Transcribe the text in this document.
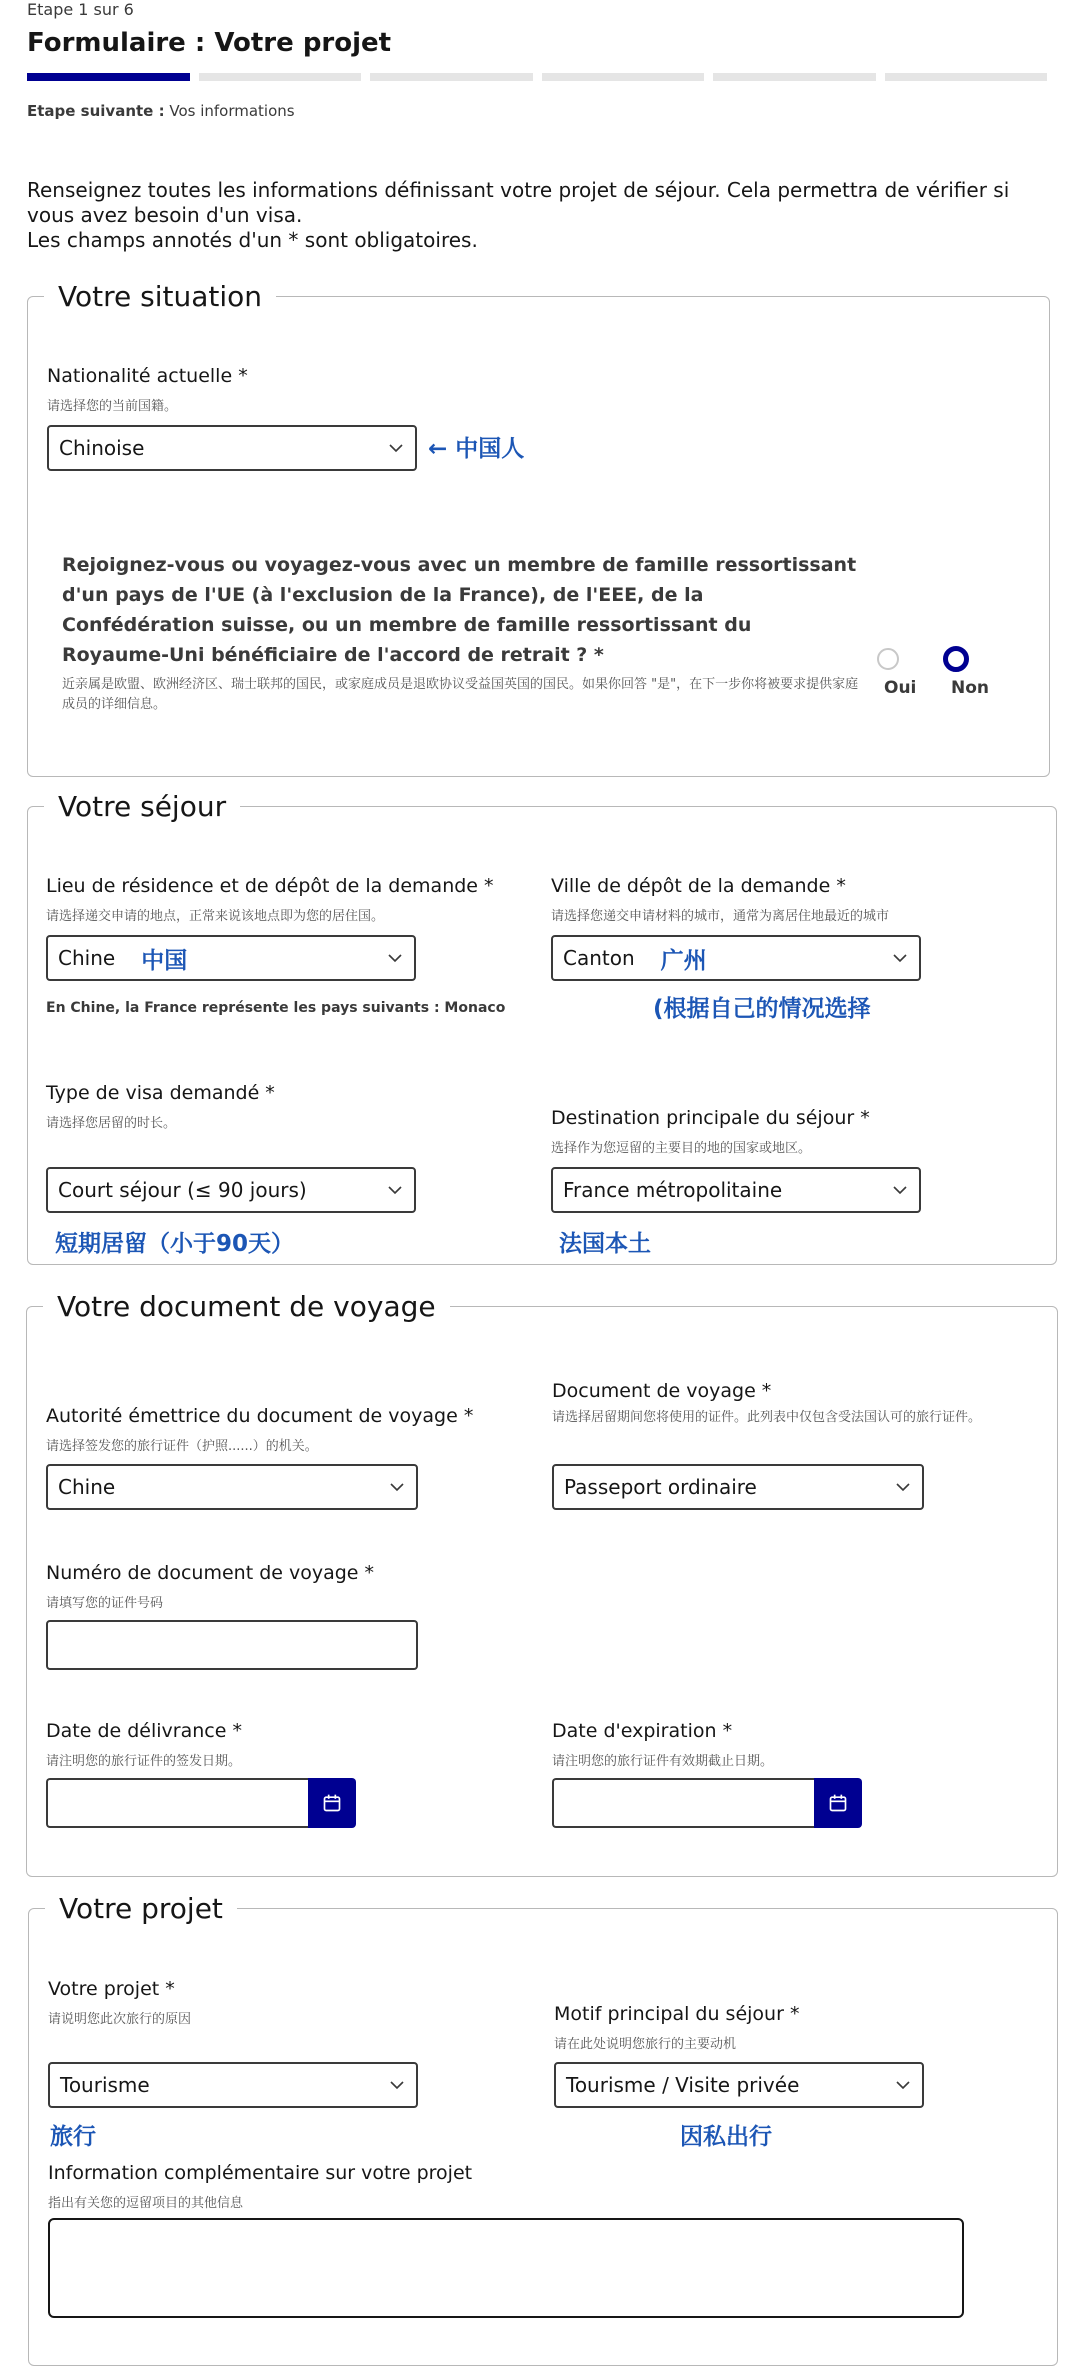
Etape 1 sur 6
Formulaire : Votre projet
Etape suivante : Vos informations
Renseignez toutes les informations définissant votre projet de séjour. Cela permettra de vérifier si vous avez besoin d'un visa.
Les champs annotés d'un * sont obligatoires.
Votre situation
Nationalité actuelle *
请选择您的当前国籍。
Chinoise	← 中国人
Rejoignez-vous ou voyagez-vous avec un membre de famille ressortissant d'un pays de l'UE (à l'exclusion de la France), de l'EEE, de la Confédération suisse, ou un membre de famille ressortissant du Royaume-Uni bénéficiaire de l'accord de retrait ? *
近亲属是欧盟、欧洲经济区、瑞士联邦的国民，或家庭成员是退欧协议受益国英国的国民。如果你回答 "是"，在下一步你将被要求提供家庭成员的详细信息。
Oui Non
Votre séjour
Lieu de résidence et de dépôt de la demande *
请选择递交申请的地点，正常来说该地点即为您的居住国。
Chine 中国
En Chine, la France représente les pays suivants : Monaco
Ville de dépôt de la demande *
请选择您递交申请材料的城市，通常为离居住地最近的城市
Canton 广州
(根据自己的情况选择
Type de visa demandé *
请选择您居留的时长。
Court séjour (≤ 90 jours)
短期居留（小于90天）
Destination principale du séjour *
选择作为您逗留的主要目的地的国家或地区。
France métropolitaine
法国本土
Votre document de voyage
Autorité émettrice du document de voyage *
请选择签发您的旅行证件（护照......）的机关。
Chine
Document de voyage *
请选择居留期间您将使用的证件。此列表中仅包含受法国认可的旅行证件。
Passeport ordinaire
Numéro de document de voyage *
请填写您的证件号码
Date de délivrance *
请注明您的旅行证件的签发日期。
Date d'expiration *
请注明您的旅行证件有效期截止日期。
Votre projet
Votre projet *
请说明您此次旅行的原因
Tourisme
旅行
Motif principal du séjour *
请在此处说明您旅行的主要动机
Tourisme / Visite privée
因私出行
Information complémentaire sur votre projet
指出有关您的逗留项目的其他信息
